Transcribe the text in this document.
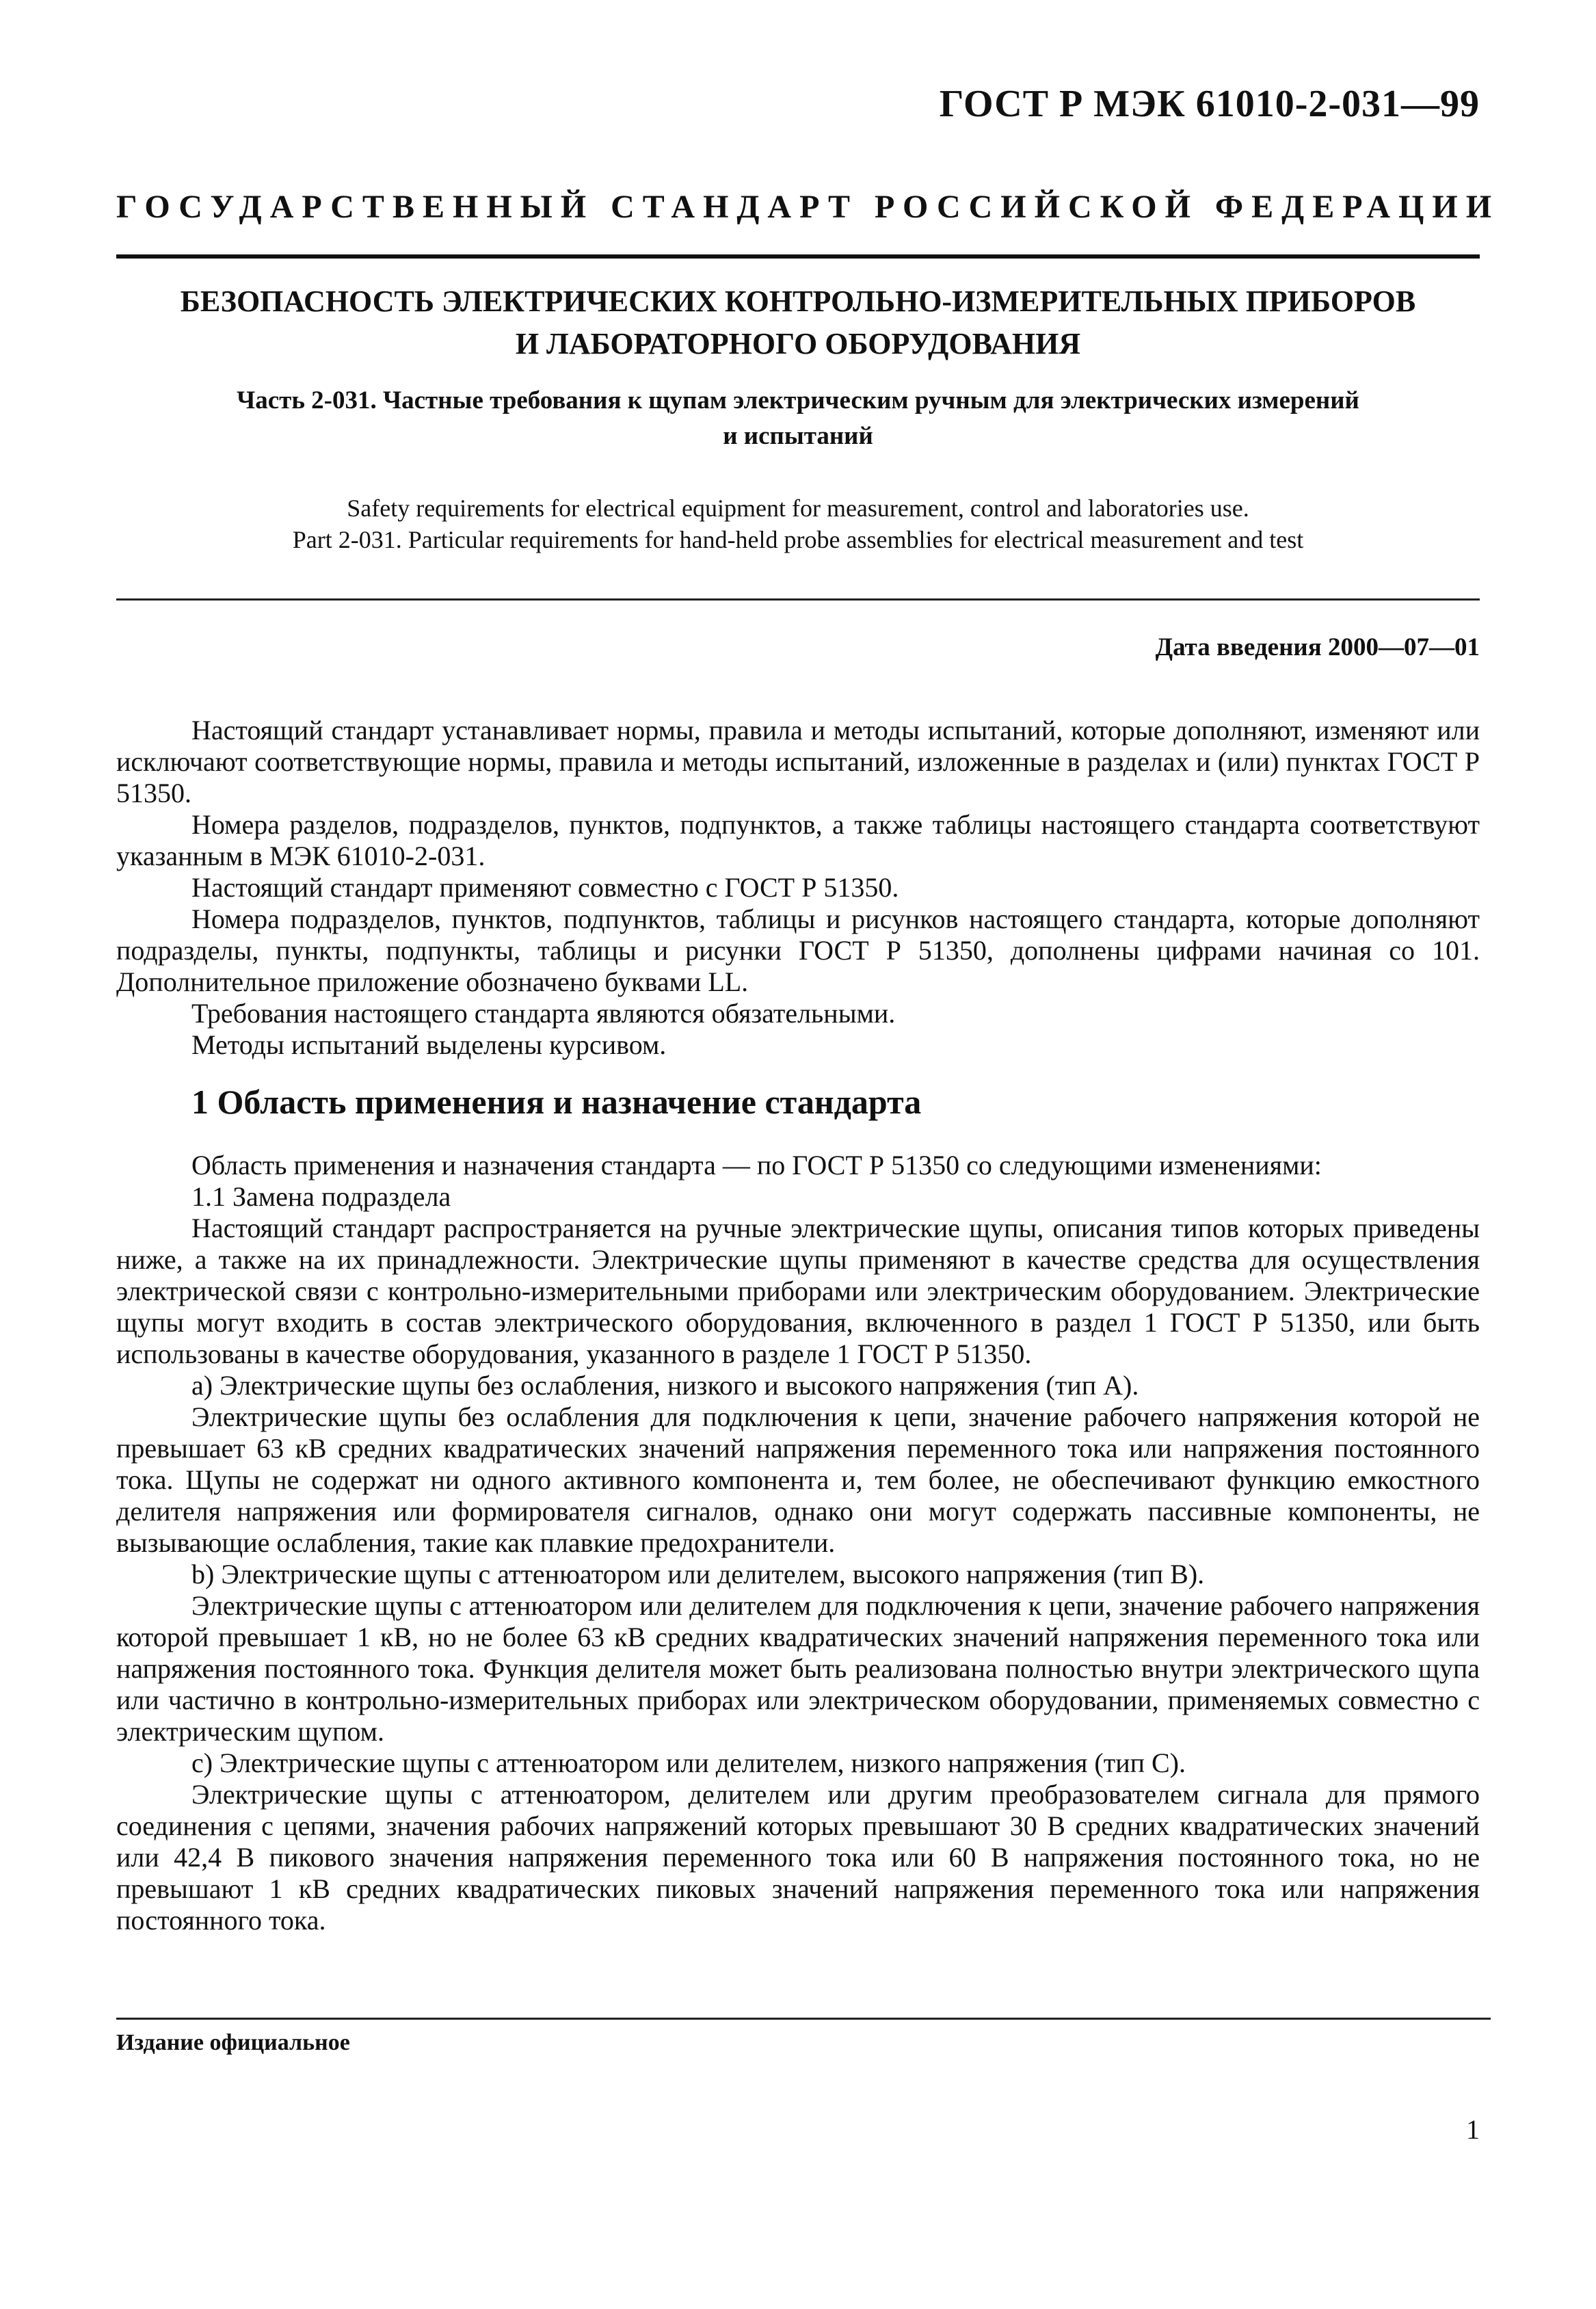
ГОСТ Р МЭК 61010-2-031—99
ГОСУДАРСТВЕННЫЙ СТАНДАРТ РОССИЙСКОЙ ФЕДЕРАЦИИ
БЕЗОПАСНОСТЬ ЭЛЕКТРИЧЕСКИХ КОНТРОЛЬНО-ИЗМЕРИТЕЛЬНЫХ ПРИБОРОВ
И ЛАБОРАТОРНОГО ОБОРУДОВАНИЯ
Часть 2-031. Частные требования к щупам электрическим ручным для электрических измерений
и испытаний
Safety requirements for electrical equipment for measurement, control and laboratories use.
Part 2-031. Particular requirements for hand-held probe assemblies for electrical measurement and test
Дата введения 2000—07—01

Настоящий стандарт устанавливает нормы, правила и методы испытаний, которые дополняют, изменяют или исключают соответствующие нормы, правила и методы испытаний, изложенные в разделах и (или) пунктах ГОСТ Р 51350.

Номера разделов, подразделов, пунктов, подпунктов, а также таблицы настоящего стандарта соответствуют указанным в МЭК 61010-2-031.

Настоящий стандарт применяют совместно с ГОСТ Р 51350.

Номера подразделов, пунктов, подпунктов, таблицы и рисунков настоящего стандарта, которые дополняют подразделы, пункты, подпункты, таблицы и рисунки ГОСТ Р 51350, дополнены цифрами начиная со 101. Дополнительное приложение обозначено буквами LL.

Требования настоящего стандарта являются обязательными.

Методы испытаний выделены курсивом.

1 Область применения и назначение стандарта

Область применения и назначения стандарта — по ГОСТ Р 51350 со следующими изменениями:

1.1 Замена подраздела

Настоящий стандарт распространяется на ручные электрические щупы, описания типов которых приведены ниже, а также на их принадлежности. Электрические щупы применяют в качестве средства для осуществления электрической связи с контрольно-измерительными приборами или электрическим оборудованием. Электрические щупы могут входить в состав электрического оборудования, включенного в раздел 1 ГОСТ Р 51350, или быть использованы в качестве оборудования, указанного в разделе 1 ГОСТ Р 51350.

a) Электрические щупы без ослабления, низкого и высокого напряжения (тип А).

Электрические щупы без ослабления для подключения к цепи, значение рабочего напряжения которой не превышает 63 кВ средних квадратических значений напряжения переменного тока или напряжения постоянного тока. Щупы не содержат ни одного активного компонента и, тем более, не обеспечивают функцию емкостного делителя напряжения или формирователя сигналов, однако они могут содержать пассивные компоненты, не вызывающие ослабления, такие как плавкие предохранители.

b) Электрические щупы с аттенюатором или делителем, высокого напряжения (тип В).

Электрические щупы с аттенюатором или делителем для подключения к цепи, значение рабочего напряжения которой превышает 1 кВ, но не более 63 кВ средних квадратических значений напряжения переменного тока или напряжения постоянного тока. Функция делителя может быть реализована полностью внутри электрического щупа или частично в контрольно-измерительных приборах или электрическом оборудовании, применяемых совместно с электрическим щупом.

c) Электрические щупы с аттенюатором или делителем, низкого напряжения (тип С).

Электрические щупы с аттенюатором, делителем или другим преобразователем сигнала для прямого соединения с цепями, значения рабочих напряжений которых превышают 30 В средних квадратических значений или 42,4 В пикового значения напряжения переменного тока или 60 В напряжения постоянного тока, но не превышают 1 кВ средних квадратических пиковых значений напряжения переменного тока или напряжения постоянного тока.

Издание официальное
1
